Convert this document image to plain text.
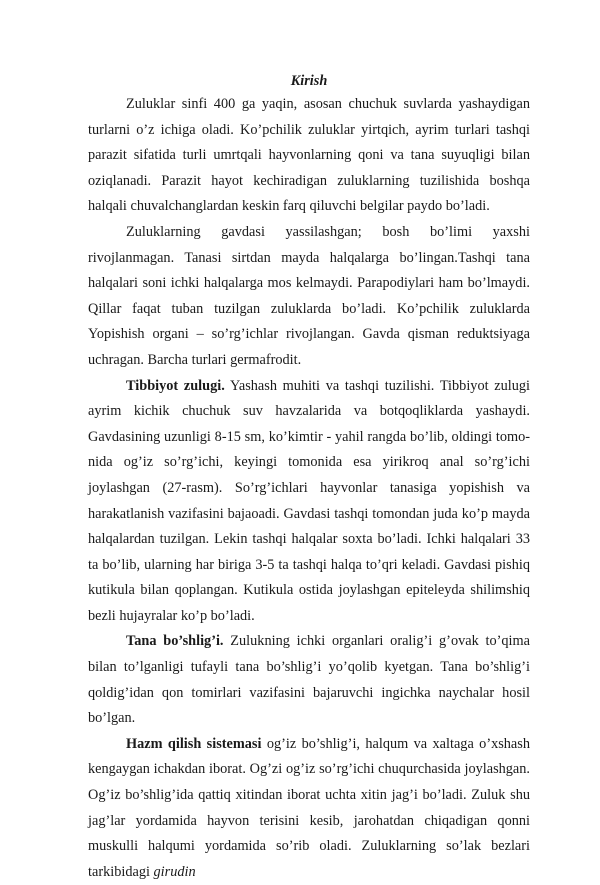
Kirish

Zuluklar sinfi 400 ga yaqin, asosan chuchuk suvlarda yashaydigan turlarni o’z ichiga oladi. Ko’pchilik zuluklar yirtqich, ayrim turlari tashqi parazit sifatida turli umrtqali hayvonlarning qoni va tana suyuqligi bilan oziqlanadi. Parazit hayot kechiradigan zuluklarning tuzilishida boshqa halqali chuvalchanglardan keskin farq qiluvchi belgilar paydo bo’ladi.

Zuluklarning gavdasi yassilashgan; bosh bo’limi yaxshi rivojlanmagan. Tanasi sirtdan mayda halqalarga bo’lingan.Tashqi tana halqalari soni ichki halqalarga mos kelmaydi. Parapodiylari ham bo’lmaydi. Qillar faqat tuban tuzilgan zuluklarda bo’ladi. Ko’pchilik zuluklarda Yopishish organi – so’rg’ichlar rivojlangan. Gavda qisman reduktsiyaga uchragan. Barcha turlari germafrodit.

Tibbiyot zulugi. Yashash muhiti va tashqi tuzilishi. Tibbiyot zulugi ayrim kichik chuchuk suv havzalarida va botqoqliklarda yashaydi. Gavdasining uzunligi 8-15 sm, ko’kimtir - yahil rangda bo’lib, oldingi tomo-nida og’iz so’rg’ichi, keyingi tomonida esa yirikroq anal so’rg’ichi joylashgan (27-rasm). So’rg’ichlari hayvonlar tanasiga yopishish va harakatlanish vazifasini bajaoadi. Gavdasi tashqi tomondan juda ko’p mayda halqalardan tuzilgan. Lekin tashqi halqalar soxta bo’ladi. Ichki halqalari 33 ta bo’lib, ularning har biriga 3-5 ta tashqi halqa to’qri keladi. Gavdasi pishiq kutikula bilan qoplangan. Kutikula ostida joylashgan epiteleyda shilimshiq bezli hujayralar ko’p bo’ladi.

Tana bo’shlig’i. Zulukning ichki organlari oralig’i g’ovak to’qima bilan to’lganligi tufayli tana bo’shlig’i yo’qolib kyetgan. Tana bo’shlig’i qoldig’idan qon tomirlari vazifasini bajaruvchi ingichka naychalar hosil bo’lgan.

Hazm qilish sistemasi og’iz bo’shlig’i, halqum va xaltaga o’xshash kengaygan ichakdan iborat. Og’zi og’iz so’rg’ichi chuqurchasida joylashgan. Og’iz bo’shlig’ida qattiq xitindan iborat uchta xitin jag’i bo’ladi. Zuluk shu jag’lar yordamida hayvon terisini kesib, jarohatdan chiqadigan qonni muskulli halqumi yordamida so’rib oladi. Zuluklarning so’lak bezlari tarkibidagi girudin
